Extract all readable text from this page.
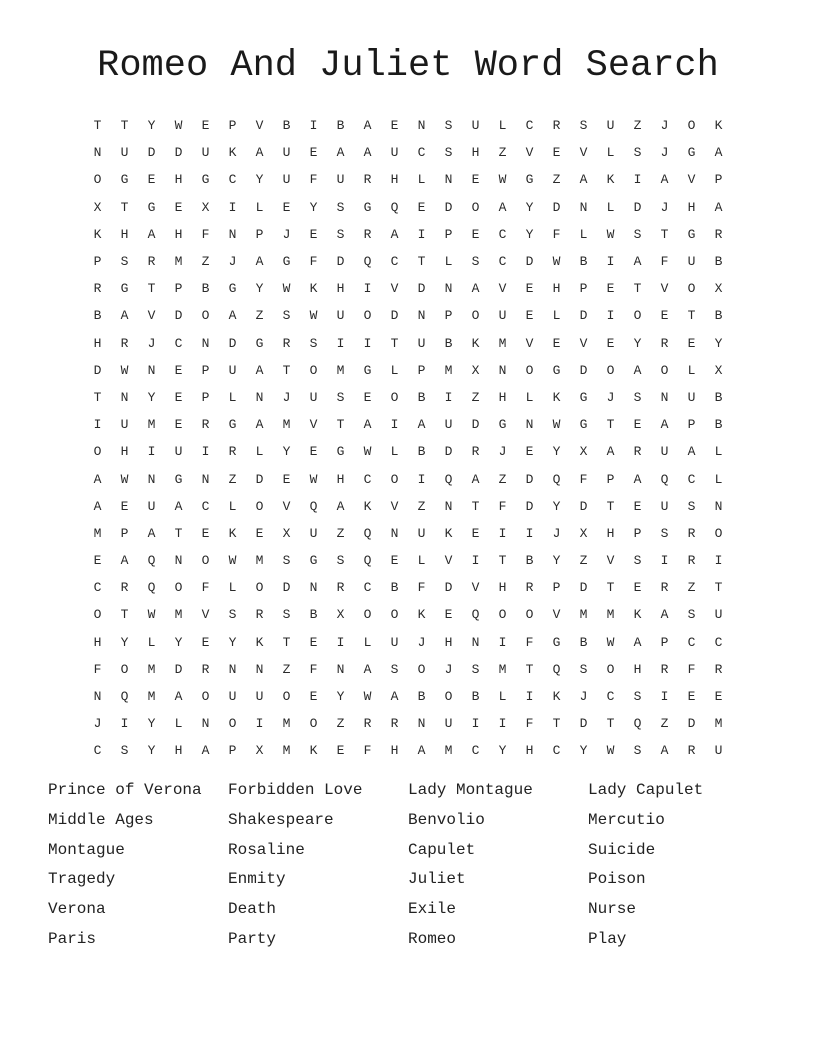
Romeo And Juliet Word Search
T	T	Y	W	E	P	V	B	I	B	A	E	N	S	U	L	C	R	S	U	Z	J	O	K
N	U	D	D	U	K	A	U	E	A	A	U	C	S	H	Z	V	E	V	L	S	J	G	A
O	G	E	H	G	C	Y	U	F	U	R	H	L	N	E	W	G	Z	A	K	I	A	V	P
X	T	G	E	X	I	L	E	Y	S	G	Q	E	D	O	A	Y	D	N	L	D	J	H	A
K	H	A	H	F	N	P	J	E	S	R	A	I	P	E	C	Y	F	L	W	S	T	G	R
P	S	R	M	Z	J	A	G	F	D	Q	C	T	L	S	C	D	W	B	I	A	F	U	B
R	G	T	P	B	G	Y	W	K	H	I	V	D	N	A	V	E	H	P	E	T	V	O	X
B	A	V	D	O	A	Z	S	W	U	O	D	N	P	O	U	E	L	D	I	O	E	T	B
H	R	J	C	N	D	G	R	S	I	I	T	U	B	K	M	V	E	V	E	Y	R	E	Y
D	W	N	E	P	U	A	T	O	M	G	L	P	M	X	N	O	G	D	O	A	O	L	X
T	N	Y	E	P	L	N	J	U	S	E	O	B	I	Z	H	L	K	G	J	S	N	U	B
I	U	M	E	R	G	A	M	V	T	A	I	A	U	D	G	N	W	G	T	E	A	P	B
O	H	I	U	I	R	L	Y	E	G	W	L	B	D	R	J	E	Y	X	A	R	U	A	L
A	W	N	G	N	Z	D	E	W	H	C	O	I	Q	A	Z	D	Q	F	P	A	Q	C	L
A	E	U	A	C	L	O	V	Q	A	K	V	Z	N	T	F	D	Y	D	T	E	U	S	N
M	P	A	T	E	K	E	X	U	Z	Q	N	U	K	E	I	I	J	X	H	P	S	R	O
E	A	Q	N	O	W	M	S	G	S	Q	E	L	V	I	T	B	Y	Z	V	S	I	R	I
C	R	Q	O	F	L	O	D	N	R	C	B	F	D	V	H	R	P	D	T	E	R	Z	T
O	T	W	M	V	S	R	S	B	X	O	O	K	E	Q	O	O	V	M	M	K	A	S	U
H	Y	L	Y	E	Y	K	T	E	I	L	U	J	H	N	I	F	G	B	W	A	P	C	C
F	O	M	D	R	N	N	Z	F	N	A	S	O	J	S	M	T	Q	S	O	H	R	F	R
N	Q	M	A	O	U	U	O	E	Y	W	A	B	O	B	L	I	K	J	C	S	I	E	E
J	I	Y	L	N	O	I	M	O	Z	R	R	N	U	I	I	F	T	D	T	Q	Z	D	M
C	S	Y	H	A	P	X	M	K	E	F	H	A	M	C	Y	H	C	Y	W	S	A	R	U
Prince of Verona	Forbidden Love	Lady Montague	Lady Capulet
Middle Ages	Shakespeare	Benvolio	Mercutio
Montague	Rosaline	Capulet	Suicide
Tragedy	Enmity	Juliet	Poison
Verona	Death	Exile	Nurse
Paris	Party	Romeo	Play
